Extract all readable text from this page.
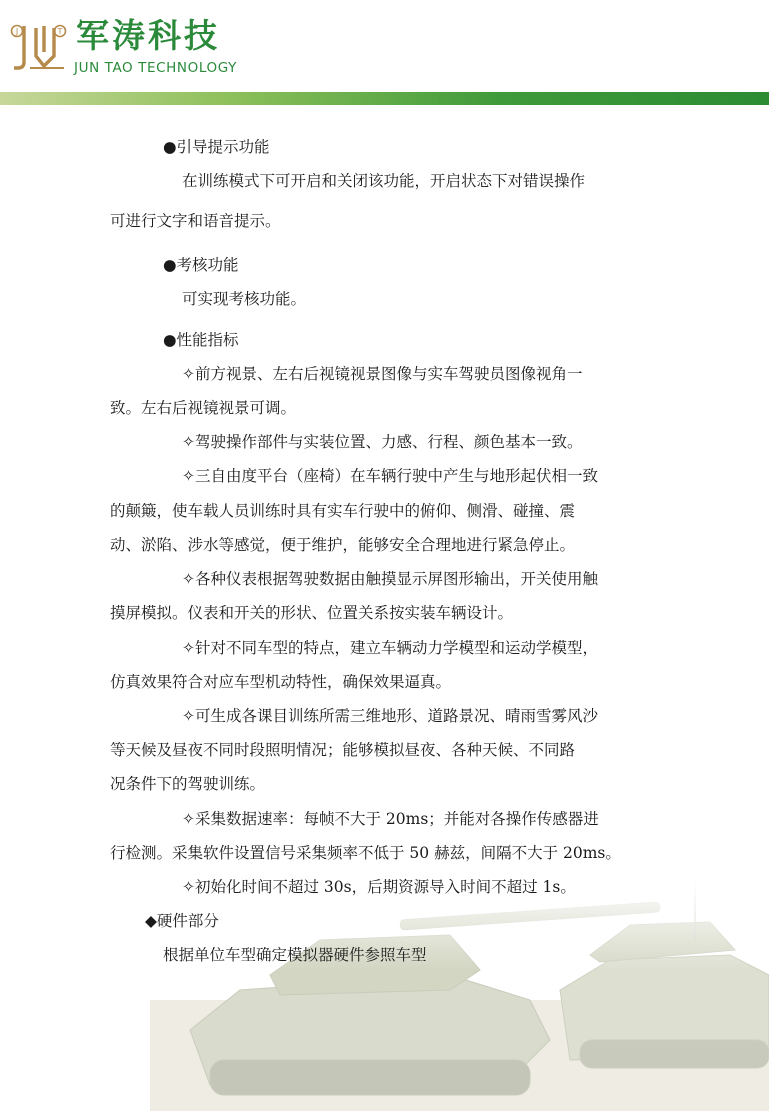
J	T 军涛科技
JUN TAO TECHNOLOGY
●引导提示功能
在训练模式下可开启和关闭该功能，开启状态下对错误操作
可进行文字和语音提示。
●考核功能
可实现考核功能。
●性能指标
✧前方视景、左右后视镜视景图像与实车驾驶员图像视角一
致。左右后视镜视景可调。
✧驾驶操作部件与实装位置、力感、行程、颜色基本一致。
✧三自由度平台（座椅）在车辆行驶中产生与地形起伏相一致
的颠簸，使车载人员训练时具有实车行驶中的俯仰、侧滑、碰撞、震
动、淤陷、涉水等感觉，便于维护，能够安全合理地进行紧急停止。
✧各种仪表根据驾驶数据由触摸显示屏图形输出，开关使用触
摸屏模拟。仪表和开关的形状、位置关系按实装车辆设计。
✧针对不同车型的特点，建立车辆动力学模型和运动学模型，
仿真效果符合对应车型机动特性，确保效果逼真。
✧可生成各课目训练所需三维地形、道路景况、晴雨雪雾风沙
等天候及昼夜不同时段照明情况；能够模拟昼夜、各种天候、不同路
况条件下的驾驶训练。
✧采集数据速率：每帧不大于 20ms；并能对各操作传感器进
行检测。采集软件设置信号采集频率不低于 50 赫兹，间隔不大于 20ms。
✧初始化时间不超过 30s，后期资源导入时间不超过 1s。
◆硬件部分
根据单位车型确定模拟器硬件参照车型
